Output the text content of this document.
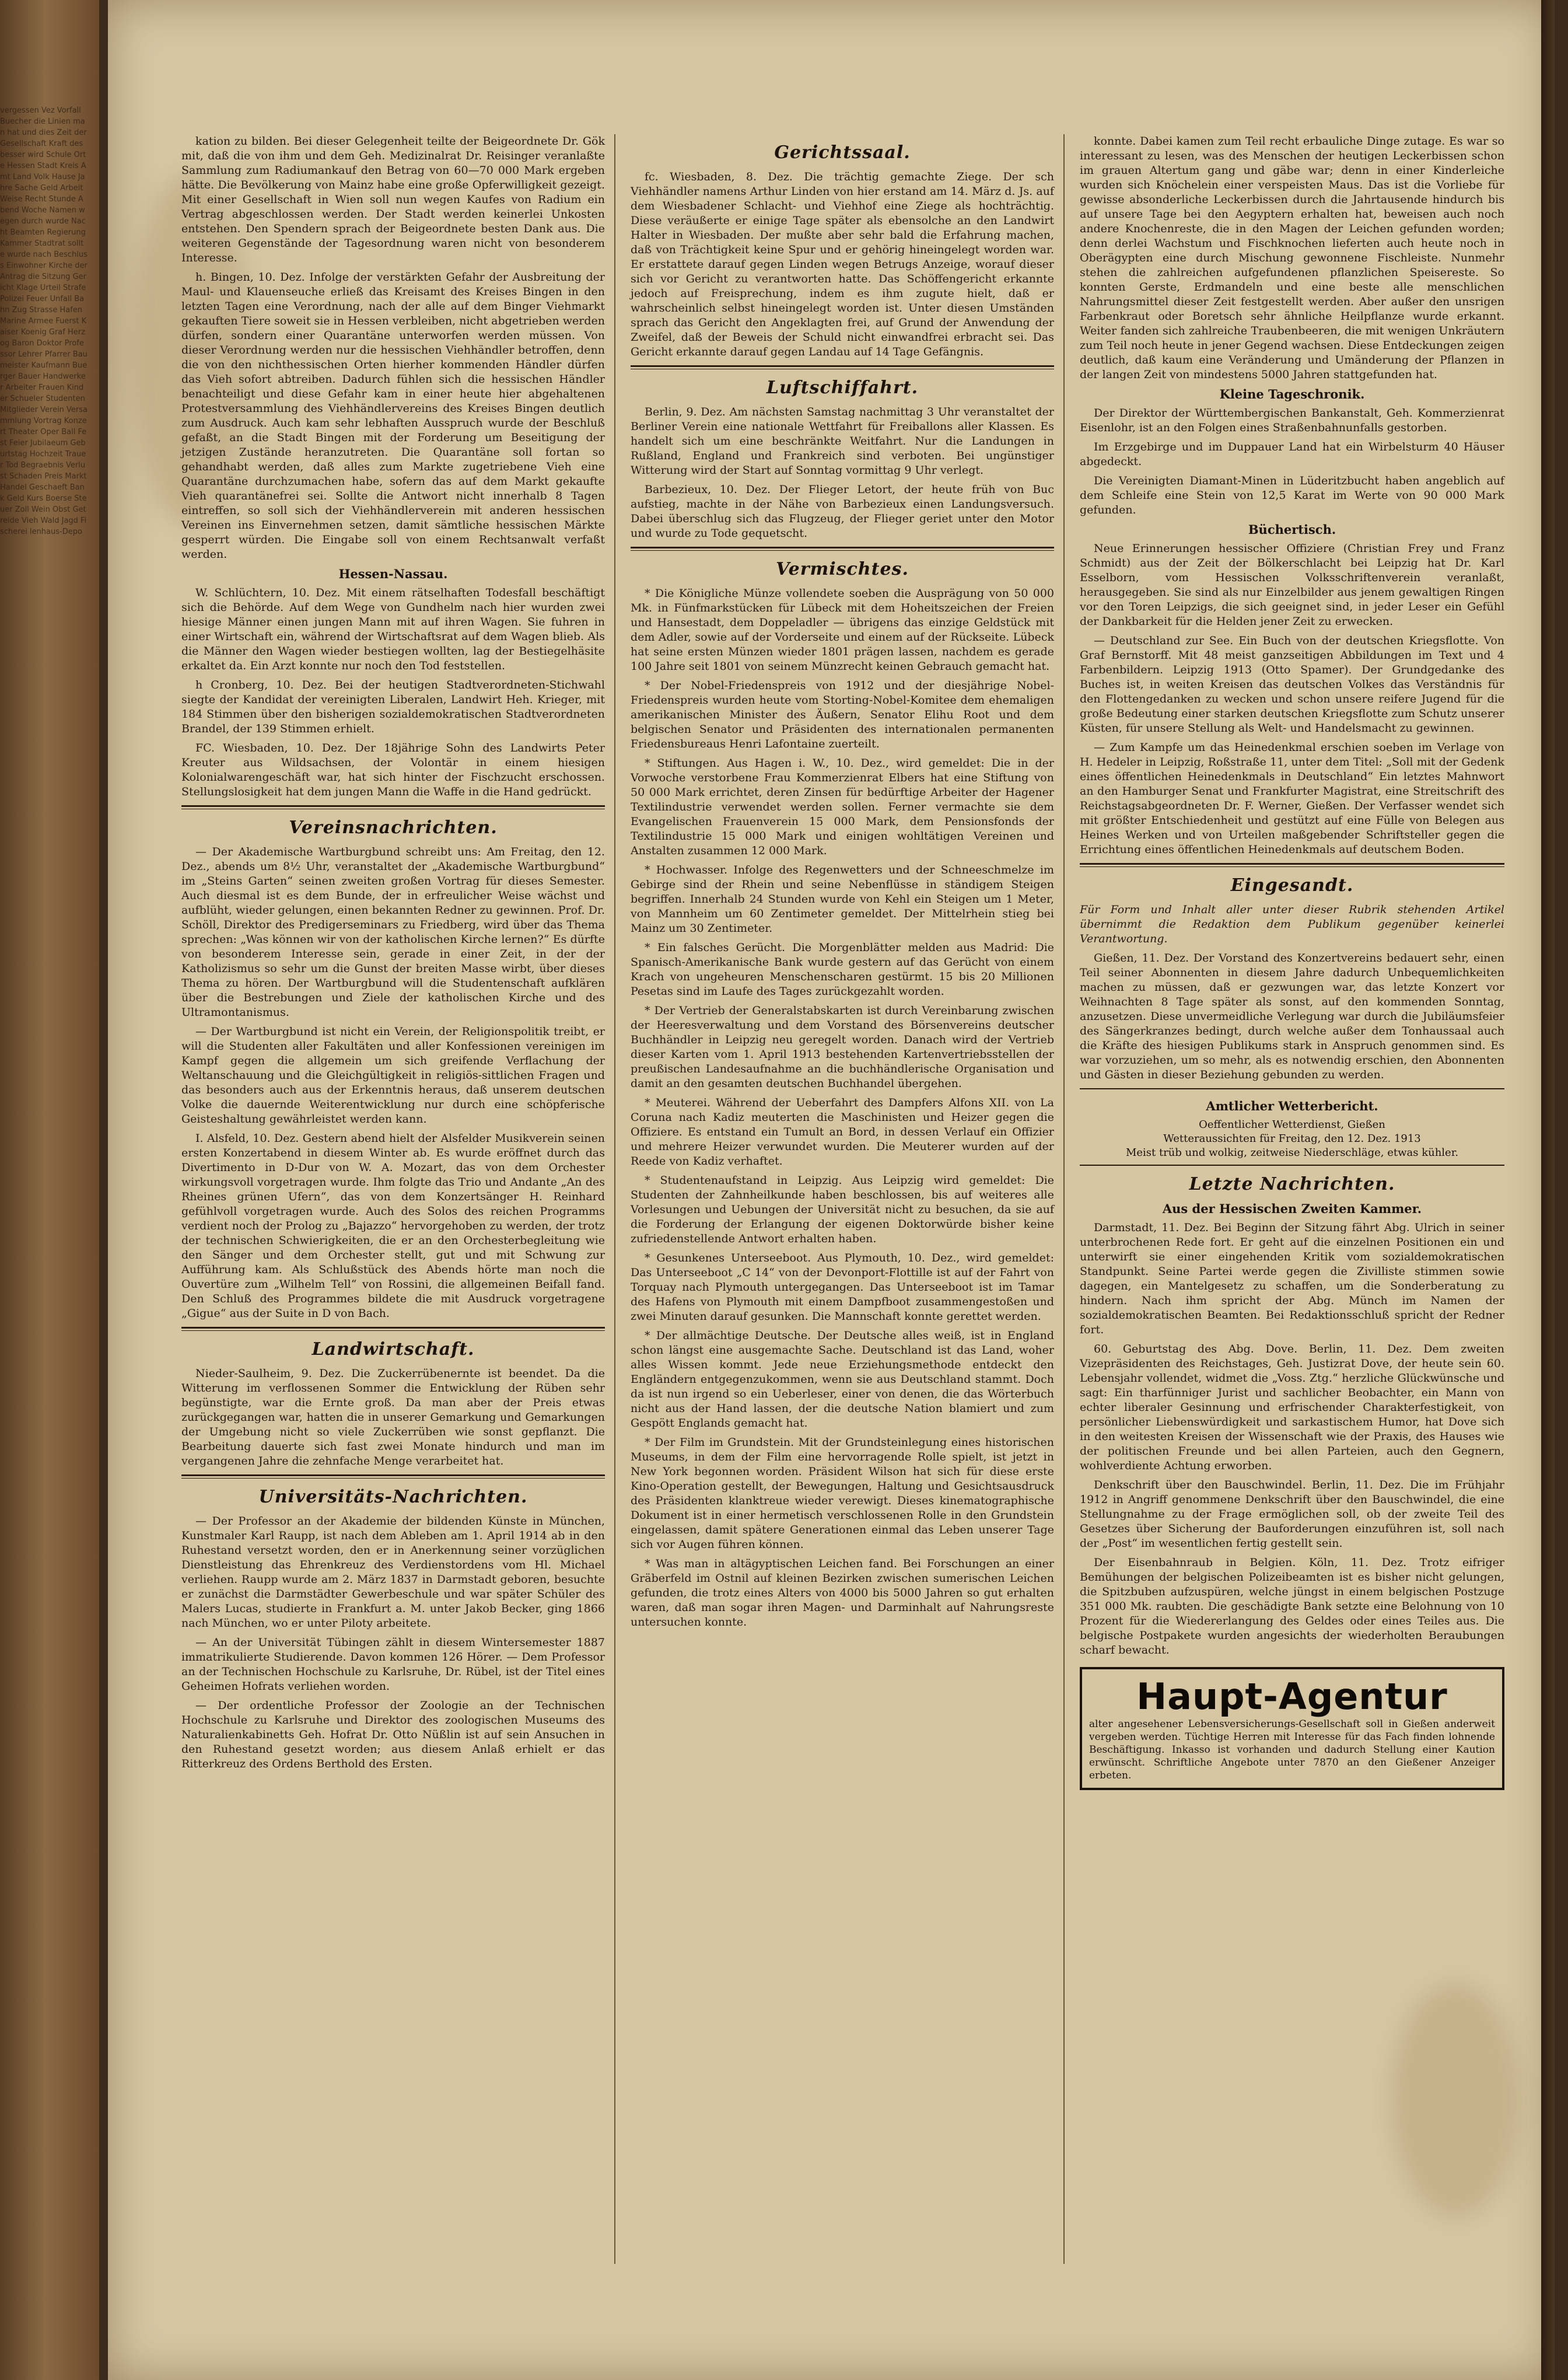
vergessen Vez Vorfall Buecher die Linien man hat und dies Zeit der Gesellschaft Kraft des besser wird Schule Orte Hessen Stadt Kreis Amt Land Volk Hause Jahre Sache Geld Arbeit Weise Recht Stunde Abend Woche Namen wegen durch wurde Nacht Beamten Regierung Kammer Stadtrat sollte wurde nach Beschluss Einwohner Kirche der Antrag die Sitzung Gericht Klage Urteil Strafe Polizei Feuer Unfall Bahn Zug Strasse Hafen Marine Armee Fuerst Kaiser Koenig Graf Herzog Baron Doktor Professor Lehrer Pfarrer Baumeister Kaufmann Buerger Bauer Handwerker Arbeiter Frauen Kinder Schueler Studenten Mitglieder Verein Versammlung Vortrag Konzert Theater Oper Ball Fest Feier Jubilaeum Geburtstag Hochzeit Trauer Tod Begraebnis Verlust Schaden Preis Markt Handel Geschaeft Bank Geld Kurs Boerse Steuer Zoll Wein Obst Getreide Vieh Wald Jagd Fischerei lenhaus-Depo

kation zu bilden. Bei dieser Gelegenheit teilte der Beigeordnete Dr. Gök mit, daß die von ihm und dem Geh. Medizinalrat Dr. Reisinger veranlaßte Sammlung zum Radiumankauf den Betrag von 60—70 000 Mark ergeben hätte. Die Bevölkerung von Mainz habe eine große Opferwilligkeit gezeigt. Mit einer Gesellschaft in Wien soll nun wegen Kaufes von Radium ein Vertrag abgeschlossen werden. Der Stadt werden keinerlei Unkosten entstehen. Den Spendern sprach der Beigeordnete besten Dank aus. Die weiteren Gegenstände der Tagesordnung waren nicht von besonderem Interesse.

h. Bingen, 10. Dez. Infolge der verstärkten Gefahr der Ausbreitung der Maul- und Klauenseuche erließ das Kreisamt des Kreises Bingen in den letzten Tagen eine Verordnung, nach der alle auf dem Binger Viehmarkt gekauften Tiere soweit sie in Hessen verbleiben, nicht abgetrieben werden dürfen, sondern einer Quarantäne unterworfen werden müssen. Von dieser Verordnung werden nur die hessischen Viehhändler betroffen, denn die von den nichthessischen Orten hierher kommenden Händler dürfen das Vieh sofort abtreiben. Dadurch fühlen sich die hessischen Händler benachteiligt und diese Gefahr kam in einer heute hier abgehaltenen Protestversammlung des Viehhändlervereins des Kreises Bingen deutlich zum Ausdruck. Auch kam sehr lebhaften Ausspruch wurde der Beschluß gefaßt, an die Stadt Bingen mit der Forderung um Beseitigung der jetzigen Zustände heranzutreten. Die Quarantäne soll fortan so gehandhabt werden, daß alles zum Markte zugetriebene Vieh eine Quarantäne durchzumachen habe, sofern das auf dem Markt gekaufte Vieh quarantänefrei sei. Sollte die Antwort nicht innerhalb 8 Tagen eintreffen, so soll sich der Viehhändlerverein mit anderen hessischen Vereinen ins Einvernehmen setzen, damit sämtliche hessischen Märkte gesperrt würden. Die Eingabe soll von einem Rechtsanwalt verfaßt werden.

Hessen-Nassau.

W. Schlüchtern, 10. Dez. Mit einem rätselhaften Todesfall beschäftigt sich die Behörde. Auf dem Wege von Gundhelm nach hier wurden zwei hiesige Männer einen jungen Mann mit auf ihren Wagen. Sie fuhren in einer Wirtschaft ein, während der Wirtschaftsrat auf dem Wagen blieb. Als die Männer den Wagen wieder bestiegen wollten, lag der Bestiegelhäsite erkaltet da. Ein Arzt konnte nur noch den Tod feststellen.

h Cronberg, 10. Dez. Bei der heutigen Stadtverordneten-Stichwahl siegte der Kandidat der vereinigten Liberalen, Landwirt Heh. Krieger, mit 184 Stimmen über den bisherigen sozialdemokratischen Stadtverordneten Brandel, der 139 Stimmen erhielt.

FC. Wiesbaden, 10. Dez. Der 18jährige Sohn des Landwirts Peter Kreuter aus Wildsachsen, der Volontär in einem hiesigen Kolonialwarengeschäft war, hat sich hinter der Fischzucht erschossen. Stellungslosigkeit hat dem jungen Mann die Waffe in die Hand gedrückt.

Vereinsnachrichten.

— Der Akademische Wartburgbund schreibt uns: Am Freitag, den 12. Dez., abends um 8½ Uhr, veranstaltet der „Akademische Wartburgbund“ im „Steins Garten“ seinen zweiten großen Vortrag für dieses Semester. Auch diesmal ist es dem Bunde, der in erfreulicher Weise wächst und aufblüht, wieder gelungen, einen bekannten Redner zu gewinnen. Prof. Dr. Schöll, Direktor des Predigerseminars zu Friedberg, wird über das Thema sprechen: „Was können wir von der katholischen Kirche lernen?“ Es dürfte von besonderem Interesse sein, gerade in einer Zeit, in der der Katholizismus so sehr um die Gunst der breiten Masse wirbt, über dieses Thema zu hören. Der Wartburgbund will die Studentenschaft aufklären über die Bestrebungen und Ziele der katholischen Kirche und des Ultramontanismus.

— Der Wartburgbund ist nicht ein Verein, der Religionspolitik treibt, er will die Studenten aller Fakultäten und aller Konfessionen vereinigen im Kampf gegen die allgemein um sich greifende Verflachung der Weltanschauung und die Gleichgültigkeit in religiös-sittlichen Fragen und das besonders auch aus der Erkenntnis heraus, daß unserem deutschen Volke die dauernde Weiterentwicklung nur durch eine schöpferische Geisteshaltung gewährleistet werden kann.

I. Alsfeld, 10. Dez. Gestern abend hielt der Alsfelder Musikverein seinen ersten Konzertabend in diesem Winter ab. Es wurde eröffnet durch das Divertimento in D-Dur von W. A. Mozart, das von dem Orchester wirkungsvoll vorgetragen wurde. Ihm folgte das Trio und Andante „An des Rheines grünen Ufern“, das von dem Konzertsänger H. Reinhard gefühlvoll vorgetragen wurde. Auch des Solos des reichen Programms verdient noch der Prolog zu „Bajazzo“ hervorgehoben zu werden, der trotz der technischen Schwierigkeiten, die er an den Orchesterbegleitung wie den Sänger und dem Orchester stellt, gut und mit Schwung zur Aufführung kam. Als Schlußstück des Abends hörte man noch die Ouvertüre zum „Wilhelm Tell“ von Rossini, die allgemeinen Beifall fand. Den Schluß des Programmes bildete die mit Ausdruck vorgetragene „Gigue“ aus der Suite in D von Bach.

Landwirtschaft.

Nieder-Saulheim, 9. Dez. Die Zuckerrübenernte ist beendet. Da die Witterung im verflossenen Sommer die Entwicklung der Rüben sehr begünstigte, war die Ernte groß. Da man aber der Preis etwas zurückgegangen war, hatten die in unserer Gemarkung und Gemarkungen der Umgebung nicht so viele Zuckerrüben wie sonst gepflanzt. Die Bearbeitung dauerte sich fast zwei Monate hindurch und man im vergangenen Jahre die zehnfache Menge verarbeitet hat.

Universitäts-Nachrichten.

— Der Professor an der Akademie der bildenden Künste in München, Kunstmaler Karl Raupp, ist nach dem Ableben am 1. April 1914 ab in den Ruhestand versetzt worden, den er in Anerkennung seiner vorzüglichen Dienstleistung das Ehrenkreuz des Verdienstordens vom Hl. Michael verliehen. Raupp wurde am 2. März 1837 in Darmstadt geboren, besuchte er zunächst die Darmstädter Gewerbeschule und war später Schüler des Malers Lucas, studierte in Frankfurt a. M. unter Jakob Becker, ging 1866 nach München, wo er unter Piloty arbeitete.

— An der Universität Tübingen zählt in diesem Wintersemester 1887 immatrikulierte Studierende. Davon kommen 126 Hörer. — Dem Professor an der Technischen Hochschule zu Karlsruhe, Dr. Rübel, ist der Titel eines Geheimen Hofrats verliehen worden.

— Der ordentliche Professor der Zoologie an der Technischen Hochschule zu Karlsruhe und Direktor des zoologischen Museums des Naturalienkabinetts Geh. Hofrat Dr. Otto Nüßlin ist auf sein Ansuchen in den Ruhestand gesetzt worden; aus diesem Anlaß erhielt er das Ritterkreuz des Ordens Berthold des Ersten.

Gerichtssaal.

fc. Wiesbaden, 8. Dez. Die trächtig gemachte Ziege. Der sch Viehhändler namens Arthur Linden von hier erstand am 14. März d. Js. auf dem Wiesbadener Schlacht- und Viehhof eine Ziege als hochträchtig. Diese veräußerte er einige Tage später als ebensolche an den Landwirt Halter in Wiesbaden. Der mußte aber sehr bald die Erfahrung machen, daß von Trächtigkeit keine Spur und er gehörig hineingelegt worden war. Er erstattete darauf gegen Linden wegen Betrugs Anzeige, worauf dieser sich vor Gericht zu verantworten hatte. Das Schöffengericht erkannte jedoch auf Freisprechung, indem es ihm zugute hielt, daß er wahrscheinlich selbst hineingelegt worden ist. Unter diesen Umständen sprach das Gericht den Angeklagten frei, auf Grund der Anwendung der Zweifel, daß der Beweis der Schuld nicht einwandfrei erbracht sei. Das Gericht erkannte darauf gegen Landau auf 14 Tage Gefängnis.

Luftschiffahrt.

Berlin, 9. Dez. Am nächsten Samstag nachmittag 3 Uhr veranstaltet der Berliner Verein eine nationale Wettfahrt für Freiballons aller Klassen. Es handelt sich um eine beschränkte Weitfahrt. Nur die Landungen in Rußland, England und Frankreich sind verboten. Bei ungünstiger Witterung wird der Start auf Sonntag vormittag 9 Uhr verlegt.

Barbezieux, 10. Dez. Der Flieger Letort, der heute früh von Buc aufstieg, machte in der Nähe von Barbezieux einen Landungsversuch. Dabei überschlug sich das Flugzeug, der Flieger geriet unter den Motor und wurde zu Tode gequetscht.

Vermischtes.

* Die Königliche Münze vollendete soeben die Ausprägung von 50 000 Mk. in Fünfmarkstücken für Lübeck mit dem Hoheitszeichen der Freien und Hansestadt, dem Doppeladler — übrigens das einzige Geldstück mit dem Adler, sowie auf der Vorderseite und einem auf der Rückseite. Lübeck hat seine ersten Münzen wieder 1801 prägen lassen, nachdem es gerade 100 Jahre seit 1801 von seinem Münzrecht keinen Gebrauch gemacht hat.

* Der Nobel-Friedenspreis von 1912 und der diesjährige Nobel-Friedenspreis wurden heute vom Storting-Nobel-Komitee dem ehemaligen amerikanischen Minister des Äußern, Senator Elihu Root und dem belgischen Senator und Präsidenten des internationalen permanenten Friedensbureaus Henri Lafontaine zuerteilt.

* Stiftungen. Aus Hagen i. W., 10. Dez., wird gemeldet: Die in der Vorwoche verstorbene Frau Kommerzienrat Elbers hat eine Stiftung von 50 000 Mark errichtet, deren Zinsen für bedürftige Arbeiter der Hagener Textilindustrie verwendet werden sollen. Ferner vermachte sie dem Evangelischen Frauenverein 15 000 Mark, dem Pensionsfonds der Textilindustrie 15 000 Mark und einigen wohltätigen Vereinen und Anstalten zusammen 12 000 Mark.

* Hochwasser. Infolge des Regenwetters und der Schneeschmelze im Gebirge sind der Rhein und seine Nebenflüsse in ständigem Steigen begriffen. Innerhalb 24 Stunden wurde von Kehl ein Steigen um 1 Meter, von Mannheim um 60 Zentimeter gemeldet. Der Mittelrhein stieg bei Mainz um 30 Zentimeter.

* Ein falsches Gerücht. Die Morgenblätter melden aus Madrid: Die Spanisch-Amerikanische Bank wurde gestern auf das Gerücht von einem Krach von ungeheuren Menschenscharen gestürmt. 15 bis 20 Millionen Pesetas sind im Laufe des Tages zurückgezahlt worden.

* Der Vertrieb der Generalstabskarten ist durch Vereinbarung zwischen der Heeresverwaltung und dem Vorstand des Börsenvereins deutscher Buchhändler in Leipzig neu geregelt worden. Danach wird der Vertrieb dieser Karten vom 1. April 1913 bestehenden Kartenvertriebsstellen der preußischen Landesaufnahme an die buchhändlerische Organisation und damit an den gesamten deutschen Buchhandel übergehen.

* Meuterei. Während der Ueberfahrt des Dampfers Alfons XII. von La Coruna nach Kadiz meuterten die Maschinisten und Heizer gegen die Offiziere. Es entstand ein Tumult an Bord, in dessen Verlauf ein Offizier und mehrere Heizer verwundet wurden. Die Meuterer wurden auf der Reede von Kadiz verhaftet.

* Studentenaufstand in Leipzig. Aus Leipzig wird gemeldet: Die Studenten der Zahnheilkunde haben beschlossen, bis auf weiteres alle Vorlesungen und Uebungen der Universität nicht zu besuchen, da sie auf die Forderung der Erlangung der eigenen Doktorwürde bisher keine zufriedenstellende Antwort erhalten haben.

* Gesunkenes Unterseeboot. Aus Plymouth, 10. Dez., wird gemeldet: Das Unterseeboot „C 14“ von der Devonport-Flottille ist auf der Fahrt von Torquay nach Plymouth untergegangen. Das Unterseeboot ist im Tamar des Hafens von Plymouth mit einem Dampfboot zusammengestoßen und zwei Minuten darauf gesunken. Die Mannschaft konnte gerettet werden.

* Der allmächtige Deutsche. Der Deutsche alles weiß, ist in England schon längst eine ausgemachte Sache. Deutschland ist das Land, woher alles Wissen kommt. Jede neue Erziehungsmethode entdeckt den Engländern entgegenzukommen, wenn sie aus Deutschland stammt. Doch da ist nun irgend so ein Ueberleser, einer von denen, die das Wörterbuch nicht aus der Hand lassen, der die deutsche Nation blamiert und zum Gespött Englands gemacht hat.

* Der Film im Grundstein. Mit der Grundsteinlegung eines historischen Museums, in dem der Film eine hervorragende Rolle spielt, ist jetzt in New York begonnen worden. Präsident Wilson hat sich für diese erste Kino-Operation gestellt, der Bewegungen, Haltung und Gesichtsausdruck des Präsidenten klanktreue wieder verewigt. Dieses kinematographische Dokument ist in einer hermetisch verschlossenen Rolle in den Grundstein eingelassen, damit spätere Generationen einmal das Leben unserer Tage sich vor Augen führen können.

* Was man in altägyptischen Leichen fand. Bei Forschungen an einer Gräberfeld im Ostnil auf kleinen Bezirken zwischen sumerischen Leichen gefunden, die trotz eines Alters von 4000 bis 5000 Jahren so gut erhalten waren, daß man sogar ihren Magen- und Darminhalt auf Nahrungsreste untersuchen konnte.

konnte. Dabei kamen zum Teil recht erbauliche Dinge zutage. Es war so interessant zu lesen, was des Menschen der heutigen Leckerbissen schon im grauen Altertum gang und gäbe war; denn in einer Kinderleiche wurden sich Knöchelein einer verspeisten Maus. Das ist die Vorliebe für gewisse absonderliche Leckerbissen durch die Jahrtausende hindurch bis auf unsere Tage bei den Aegyptern erhalten hat, beweisen auch noch andere Knochenreste, die in den Magen der Leichen gefunden worden; denn derlei Wachstum und Fischknochen lieferten auch heute noch in Oberägypten eine durch Mischung gewonnene Fischleiste. Nunmehr stehen die zahlreichen aufgefundenen pflanzlichen Speisereste. So konnten Gerste, Erdmandeln und eine beste alle menschlichen Nahrungsmittel dieser Zeit festgestellt werden. Aber außer den unsrigen Farbenkraut oder Boretsch sehr ähnliche Heilpflanze wurde erkannt. Weiter fanden sich zahlreiche Traubenbeeren, die mit wenigen Unkräutern zum Teil noch heute in jener Gegend wachsen. Diese Entdeckungen zeigen deutlich, daß kaum eine Veränderung und Umänderung der Pflanzen in der langen Zeit von mindestens 5000 Jahren stattgefunden hat.

Kleine Tageschronik.

Der Direktor der Württembergischen Bankanstalt, Geh. Kommerzienrat Eisenlohr, ist an den Folgen eines Straßenbahnunfalls gestorben.

Im Erzgebirge und im Duppauer Land hat ein Wirbelsturm 40 Häuser abgedeckt.

Die Vereinigten Diamant-Minen in Lüderitzbucht haben angeblich auf dem Schleife eine Stein von 12,5 Karat im Werte von 90 000 Mark gefunden.

Büchertisch.

Neue Erinnerungen hessischer Offiziere (Christian Frey und Franz Schmidt) aus der Zeit der Bölkerschlacht bei Leipzig hat Dr. Karl Esselborn, vom Hessischen Volksschriftenverein veranlaßt, herausgegeben. Sie sind als nur Einzelbilder aus jenem gewaltigen Ringen vor den Toren Leipzigs, die sich geeignet sind, in jeder Leser ein Gefühl der Dankbarkeit für die Helden jener Zeit zu erwecken.

— Deutschland zur See. Ein Buch von der deutschen Kriegsflotte. Von Graf Bernstorff. Mit 48 meist ganzseitigen Abbildungen im Text und 4 Farbenbildern. Leipzig 1913 (Otto Spamer). Der Grundgedanke des Buches ist, in weiten Kreisen das deutschen Volkes das Verständnis für den Flottengedanken zu wecken und schon unsere reifere Jugend für die große Bedeutung einer starken deutschen Kriegsflotte zum Schutz unserer Küsten, für unsere Stellung als Welt- und Handelsmacht zu gewinnen.

— Zum Kampfe um das Heinedenkmal erschien soeben im Verlage von H. Hedeler in Leipzig, Roßstraße 11, unter dem Titel: „Soll mit der Gedenk eines öffentlichen Heinedenkmals in Deutschland“ Ein letztes Mahnwort an den Hamburger Senat und Frankfurter Magistrat, eine Streitschrift des Reichstagsabgeordneten Dr. F. Werner, Gießen. Der Verfasser wendet sich mit größter Entschiedenheit und gestützt auf eine Fülle von Belegen aus Heines Werken und von Urteilen maßgebender Schriftsteller gegen die Errichtung eines öffentlichen Heinedenkmals auf deutschem Boden.

Eingesandt.

Für Form und Inhalt aller unter dieser Rubrik stehenden Artikel übernimmt die Redaktion dem Publikum gegenüber keinerlei Verantwortung.

Gießen, 11. Dez. Der Vorstand des Konzertvereins bedauert sehr, einen Teil seiner Abonnenten in diesem Jahre dadurch Unbequemlichkeiten machen zu müssen, daß er gezwungen war, das letzte Konzert vor Weihnachten 8 Tage später als sonst, auf den kommenden Sonntag, anzusetzen. Diese unvermeidliche Verlegung war durch die Jubiläumsfeier des Sängerkranzes bedingt, durch welche außer dem Tonhaussaal auch die Kräfte des hiesigen Publikums stark in Anspruch genommen sind. Es war vorzuziehen, um so mehr, als es notwendig erschien, den Abonnenten und Gästen in dieser Beziehung gebunden zu werden.

Amtlicher Wetterbericht.
Oeffentlicher Wetterdienst, Gießen
Wetteraussichten für Freitag, den 12. Dez. 1913
Meist trüb und wolkig, zeitweise Niederschläge, etwas kühler.
Letzte Nachrichten.
Aus der Hessischen Zweiten Kammer.

Darmstadt, 11. Dez. Bei Beginn der Sitzung fährt Abg. Ulrich in seiner unterbrochenen Rede fort. Er geht auf die einzelnen Positionen ein und unterwirft sie einer eingehenden Kritik vom sozialdemokratischen Standpunkt. Seine Partei werde gegen die Zivilliste stimmen sowie dagegen, ein Mantelgesetz zu schaffen, um die Sonderberatung zu hindern. Nach ihm spricht der Abg. Münch im Namen der sozialdemokratischen Beamten. Bei Redaktionsschluß spricht der Redner fort.

60. Geburtstag des Abg. Dove. Berlin, 11. Dez. Dem zweiten Vizepräsidenten des Reichstages, Geh. Justizrat Dove, der heute sein 60. Lebensjahr vollendet, widmet die „Voss. Ztg.“ herzliche Glückwünsche und sagt: Ein tharfünniger Jurist und sachlicher Beobachter, ein Mann von echter liberaler Gesinnung und erfrischender Charakterfestigkeit, von persönlicher Liebenswürdigkeit und sarkastischem Humor, hat Dove sich in den weitesten Kreisen der Wissenschaft wie der Praxis, des Hauses wie der politischen Freunde und bei allen Parteien, auch den Gegnern, wohlverdiente Achtung erworben.

Denkschrift über den Bauschwindel. Berlin, 11. Dez. Die im Frühjahr 1912 in Angriff genommene Denkschrift über den Bauschwindel, die eine Stellungnahme zu der Frage ermöglichen soll, ob der zweite Teil des Gesetzes über Sicherung der Bauforderungen einzuführen ist, soll nach der „Post“ im wesentlichen fertig gestellt sein.

Der Eisenbahnraub in Belgien. Köln, 11. Dez. Trotz eifriger Bemühungen der belgischen Polizeibeamten ist es bisher nicht gelungen, die Spitzbuben aufzuspüren, welche jüngst in einem belgischen Postzuge 351 000 Mk. raubten. Die geschädigte Bank setzte eine Belohnung von 10 Prozent für die Wiedererlangung des Geldes oder eines Teiles aus. Die belgische Postpakete wurden angesichts der wiederholten Beraubungen scharf bewacht.

Haupt-Agentur
alter angesehener Lebensversicherungs-Gesellschaft soll in Gießen anderweit vergeben werden. Tüchtige Herren mit Interesse für das Fach finden lohnende Beschäftigung. Inkasso ist vorhanden und dadurch Stellung einer Kaution erwünscht. Schriftliche Angebote unter 7870 an den Gießener Anzeiger erbeten.
